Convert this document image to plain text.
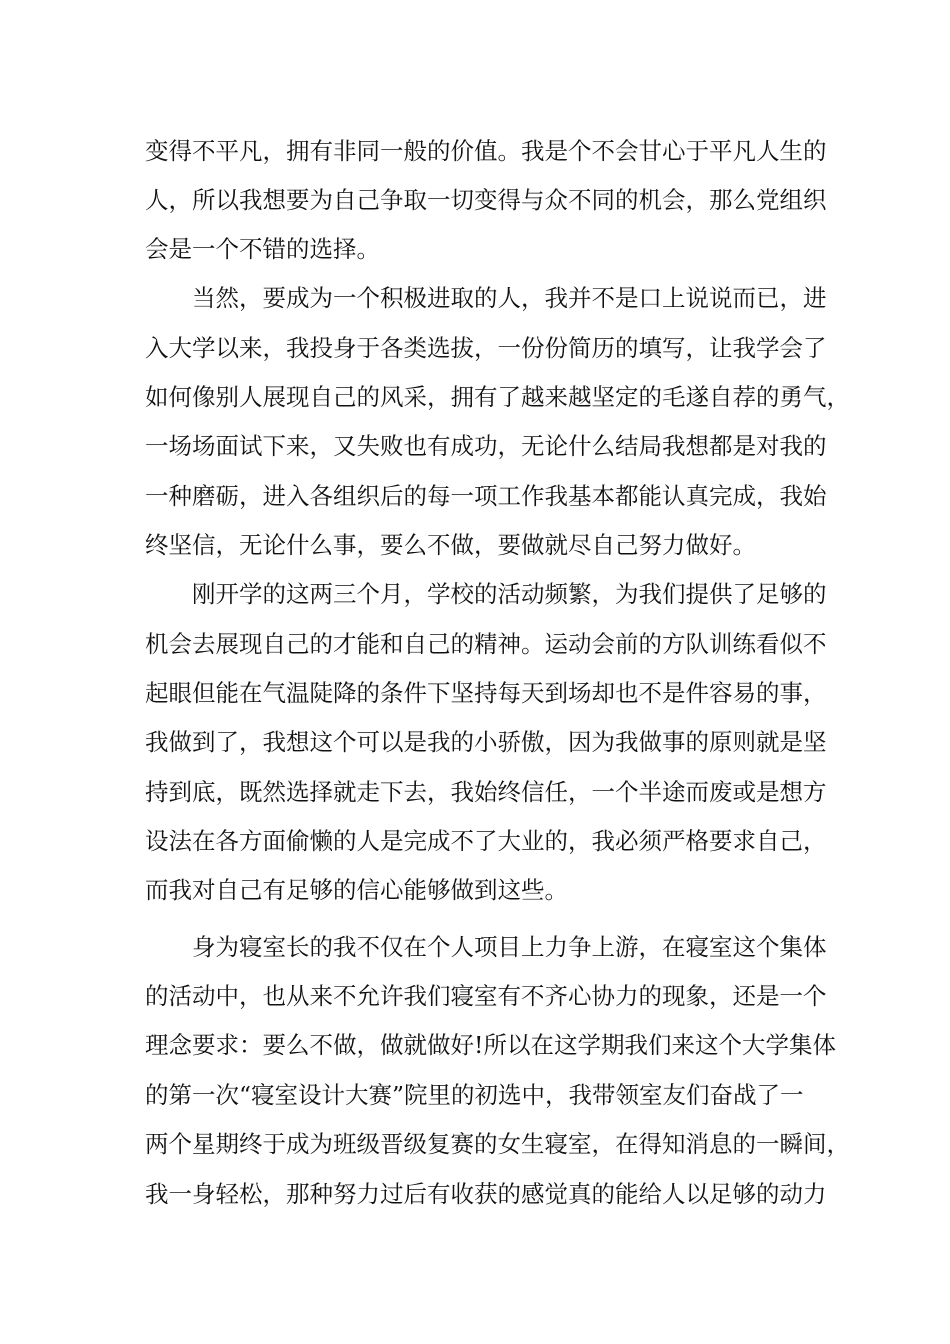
变得不平凡，拥有非同一般的价值。我是个不会甘心于平凡人生的
人，所以我想要为自己争取一切变得与众不同的机会，那么党组织
会是一个不错的选择。
当然，要成为一个积极进取的人，我并不是口上说说而已，进
入大学以来，我投身于各类选拔，一份份简历的填写，让我学会了
如何像别人展现自己的风采，拥有了越来越坚定的毛遂自荐的勇气，
一场场面试下来，又失败也有成功，无论什么结局我想都是对我的
一种磨砺，进入各组织后的每一项工作我基本都能认真完成，我始
终坚信，无论什么事，要么不做，要做就尽自己努力做好。
刚开学的这两三个月，学校的活动频繁，为我们提供了足够的
机会去展现自己的才能和自己的精神。运动会前的方队训练看似不
起眼但能在气温陡降的条件下坚持每天到场却也不是件容易的事，
我做到了，我想这个可以是我的小骄傲，因为我做事的原则就是坚
持到底，既然选择就走下去，我始终信任，一个半途而废或是想方
设法在各方面偷懒的人是完成不了大业的，我必须严格要求自己，
而我对自己有足够的信心能够做到这些。
身为寝室长的我不仅在个人项目上力争上游，在寝室这个集体
的活动中，也从来不允许我们寝室有不齐心协力的现象，还是一个
理念要求：要么不做，做就做好!所以在这学期我们来这个大学集体
的第一次“寝室设计大赛”院里的初选中，我带领室友们奋战了一
两个星期终于成为班级晋级复赛的女生寝室，在得知消息的一瞬间，
我一身轻松，那种努力过后有收获的感觉真的能给人以足够的动力
